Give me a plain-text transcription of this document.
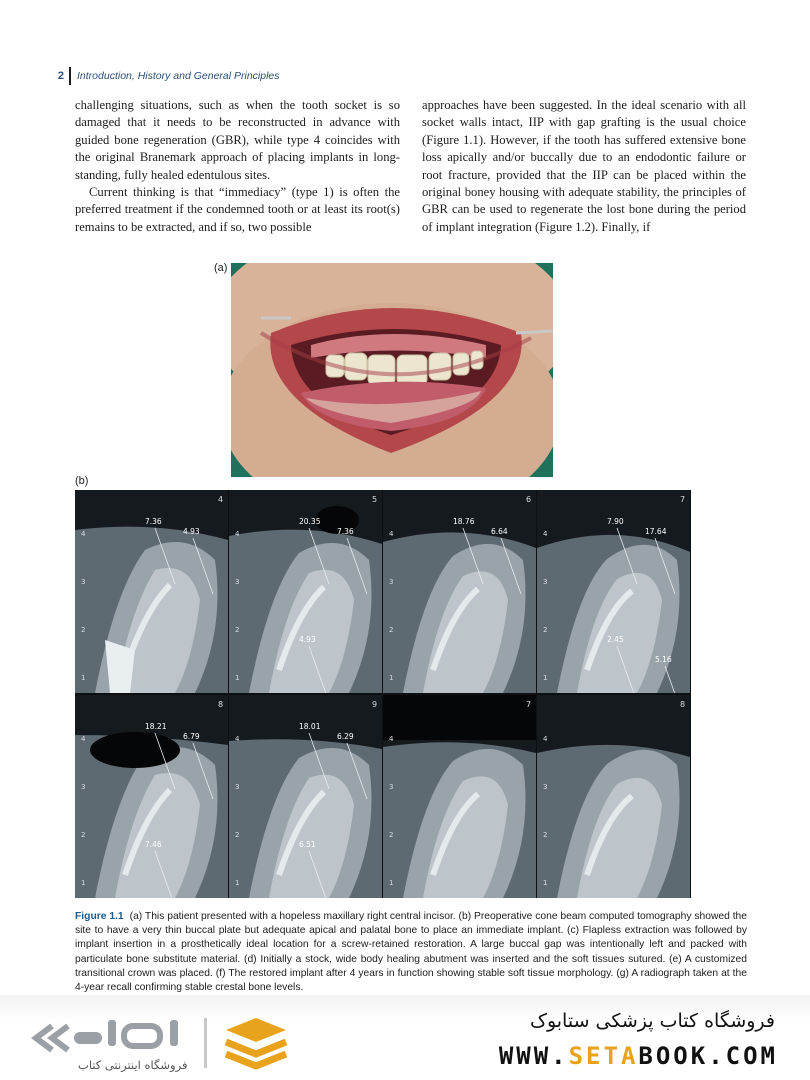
2 Introduction, History and General Principles

challenging situations, such as when the tooth socket is so damaged that it needs to be reconstructed in advance with guided bone regeneration (GBR), while type 4 coincides with the original Branemark approach of placing implants in long-standing, fully healed edentulous sites.

Current thinking is that “immediacy” (type 1) is often the preferred treatment if the condemned tooth or at least its root(s) remains to be extracted, and if so, two possible

approaches have been suggested. In the ideal scenario with all socket walls intact, IIP with gap grafting is the usual choice (Figure 1.1). However, if the tooth has suffered extensive bone loss apically and/or buccally due to an endodontic failure or root fracture, provided that the IIP can be placed within the original boney housing with adequate stability, the principles of GBR can be used to regenerate the lost bone during the period of implant integration (Figure 1.2). Finally, if

(a)
(b)
1
2
3
4
4
7.36
4.93
1
2
3
4
5
20.35
7.36
4.93
1
2
3
4
6
18.76
6.64
1
2
3
4
7
7.90
17.64
2.45
5.16
1
2
3
4
8
18.21
6.79
7.46
1
2
3
4
9
18.01
6.29
6.51
1
2
3
4
7
1
2
3
4
8
Figure 1.1 (a) This patient presented with a hopeless maxillary right central incisor. (b) Preoperative cone beam computed tomography showed the site to have a very thin buccal plate but adequate apical and palatal bone to place an immediate implant. (c) Flapless extraction was followed by implant insertion in a prosthetically ideal location for a screw-retained restoration. A large buccal gap was intentionally left and packed with particulate bone substitute material. (d) Initially a stock, wide body healing abutment was inserted and the soft tissues sutured. (e) A customized transitional crown was placed. (f) The restored implant after 4 years in function showing stable soft tissue morphology. (g) A radiograph taken at the 4-year recall confirming stable crestal bone levels.
فروشگاه اینترنتی کتاب
فروشگاه کتاب پزشکی ستابوک
WWW.SETABOOK.COM
